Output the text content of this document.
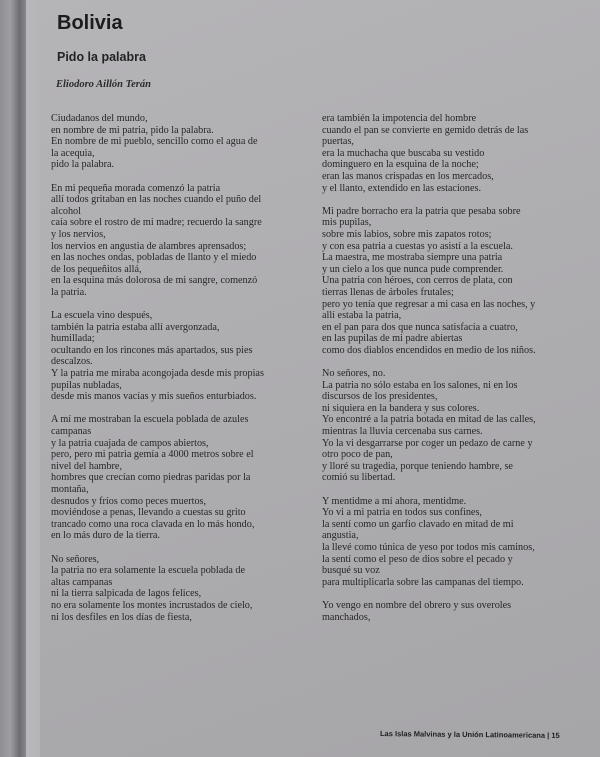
Bolivia
Pido la palabra
Eliodoro Aillón Terán

Ciudadanos del mundo,
en nombre de mi patria, pido la palabra.
En nombre de mi pueblo, sencillo como el agua de
la acequia,
pido la palabra.

En mi pequeña morada comenzó la patria
allí todos gritaban en las noches cuando el puño del
alcohol
caía sobre el rostro de mi madre; recuerdo la sangre
y los nervios,
los nervios en angustia de alambres aprensados;
en las noches ondas, pobladas de llanto y el miedo
de los pequeñitos allá,
en la esquina más dolorosa de mi sangre, comenzó
la patria.

La escuela vino después,
también la patria estaba allí avergonzada,
humillada;
ocultando en los rincones más apartados, sus pies
descalzos.
Y la patria me miraba acongojada desde mis propias
pupilas nubladas,
desde mis manos vacías y mis sueños enturbiados.

A mí me mostraban la escuela poblada de azules
campanas
y la patria cuajada de campos abiertos,
pero, pero mi patria gemía a 4000 metros sobre el
nivel del hambre,
hombres que crecían como piedras paridas por la
montaña,
desnudos y fríos como peces muertos,
moviéndose a penas, llevando a cuestas su grito
trancado como una roca clavada en lo más hondo,
en lo más duro de la tierra.

No señores,
la patria no era solamente la escuela poblada de
altas campanas
ni la tierra salpicada de lagos felices,
no era solamente los montes incrustados de cielo,
ni los desfiles en los días de fiesta,

era también la impotencia del hombre
cuando el pan se convierte en gemido detrás de las
puertas,
era la muchacha que buscaba su vestido
dominguero en la esquina de la noche;
eran las manos crispadas en los mercados,
y el llanto, extendido en las estaciones.

Mi padre borracho era la patria que pesaba sobre
mis pupilas,
sobre mis labios, sobre mis zapatos rotos;
y con esa patria a cuestas yo asistí a la escuela.
La maestra, me mostraba siempre una patria
y un cielo a los que nunca pude comprender.
Una patria con héroes, con cerros de plata, con
tierras llenas de árboles frutales;
pero yo tenía que regresar a mi casa en las noches, y
allí estaba la patria,
en el pan para dos que nunca satisfacía a cuatro,
en las pupilas de mi padre abiertas
como dos diablos encendidos en medio de los niños.

No señores, no.
La patria no sólo estaba en los salones, ni en los
discursos de los presidentes,
ni siquiera en la bandera y sus colores.
Yo encontré a la patria botada en mitad de las calles,
mientras la lluvia cercenaba sus carnes.
Yo la vi desgarrarse por coger un pedazo de carne y
otro poco de pan,
y lloré su tragedia, porque teniendo hambre, se
comió su libertad.

Y mentidme a mí ahora, mentidme.
Yo vi a mi patria en todos sus confines,
la sentí como un garfio clavado en mitad de mi
angustia,
la llevé como túnica de yeso por todos mis caminos,
la sentí como el peso de dios sobre el pecado y
busqué su voz
para multiplicarla sobre las campanas del tiempo.

Yo vengo en nombre del obrero y sus overoles
manchados,

Las Islas Malvinas y la Unión Latinoamericana | 15
